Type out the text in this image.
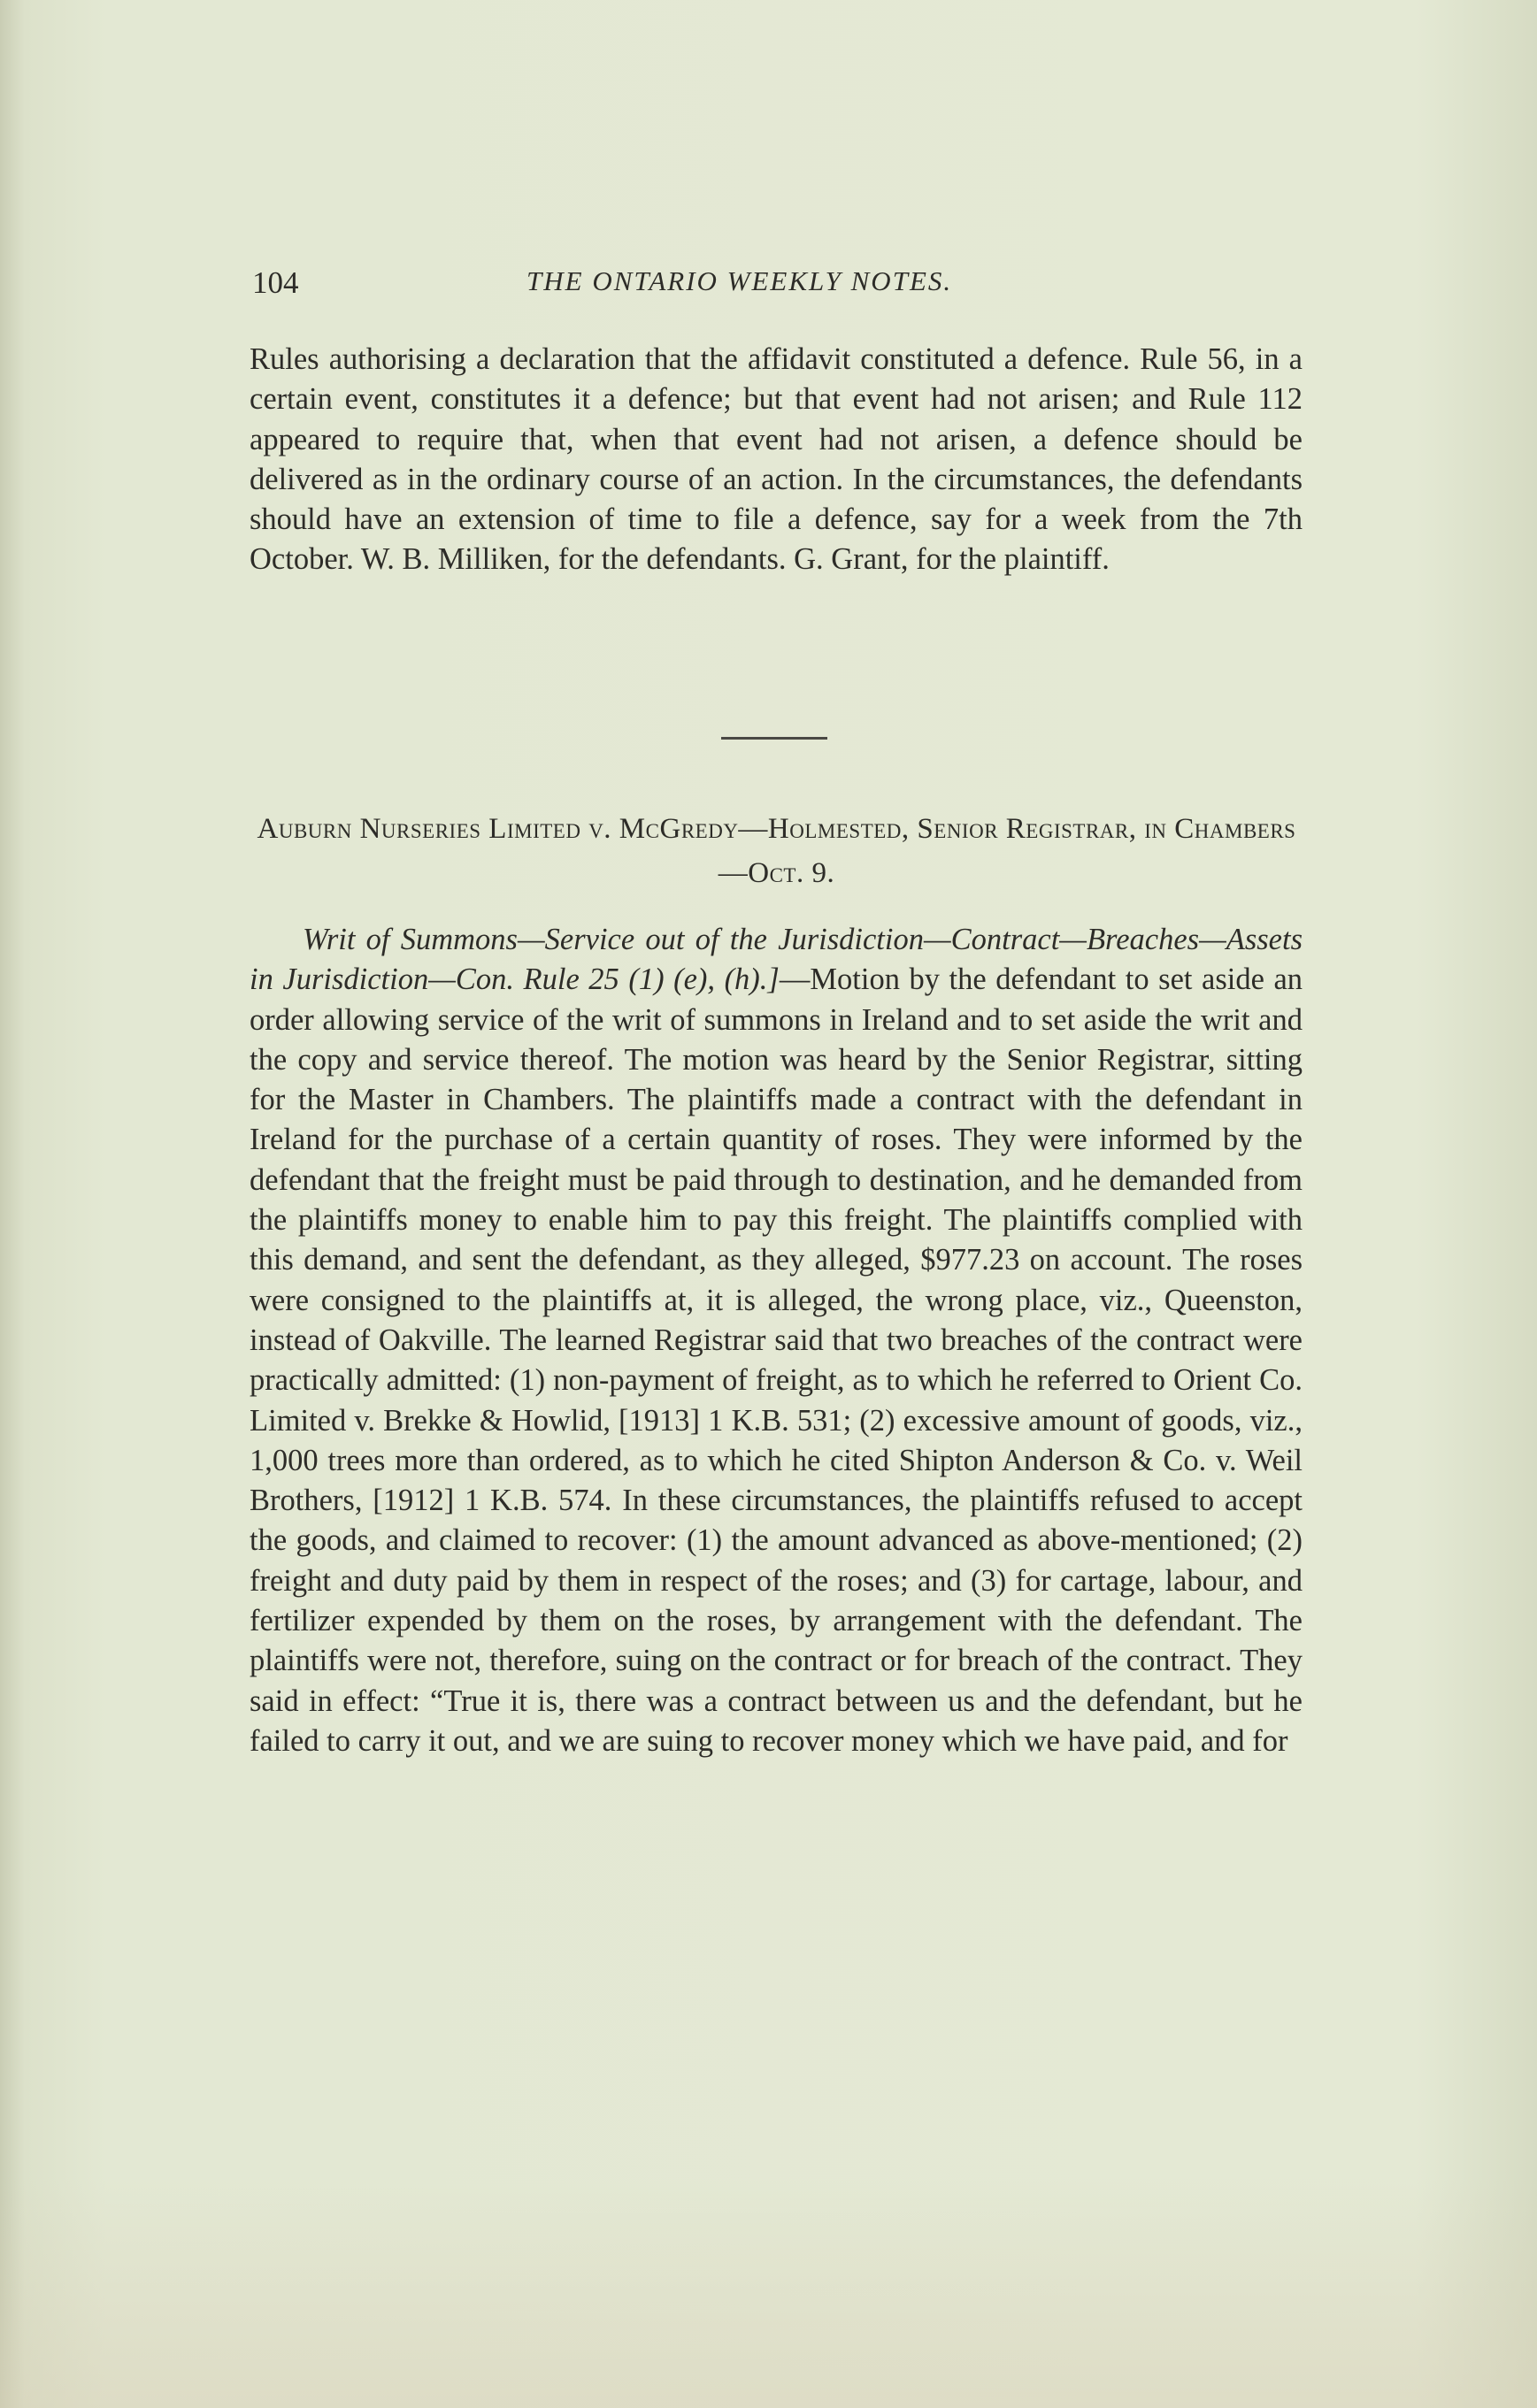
104	THE ONTARIO WEEKLY NOTES.

Rules authorising a declaration that the affidavit constituted a defence. Rule 56, in a certain event, constitutes it a defence; but that event had not arisen; and Rule 112 appeared to require that, when that event had not arisen, a defence should be delivered as in the ordinary course of an action. In the circumstances, the defendants should have an extension of time to file a defence, say for a week from the 7th October. W. B. Milliken, for the defendants. G. Grant, for the plaintiff.

Auburn Nurseries Limited v. McGredy—Holmested, Senior Registrar, in Chambers—Oct. 9.

Writ of Summons—Service out of the Jurisdiction—Contract—Breaches—Assets in Jurisdiction—Con. Rule 25 (1) (e), (h).]—Motion by the defendant to set aside an order allowing service of the writ of summons in Ireland and to set aside the writ and the copy and service thereof. The motion was heard by the Senior Registrar, sitting for the Master in Chambers. The plaintiffs made a contract with the defendant in Ireland for the purchase of a certain quantity of roses. They were informed by the defendant that the freight must be paid through to destination, and he demanded from the plaintiffs money to enable him to pay this freight. The plaintiffs complied with this demand, and sent the defendant, as they alleged, $977.23 on account. The roses were consigned to the plaintiffs at, it is alleged, the wrong place, viz., Queenston, instead of Oakville. The learned Registrar said that two breaches of the contract were practically admitted: (1) non-payment of freight, as to which he referred to Orient Co. Limited v. Brekke & Howlid, [1913] 1 K.B. 531; (2) excessive amount of goods, viz., 1,000 trees more than ordered, as to which he cited Shipton Anderson & Co. v. Weil Brothers, [1912] 1 K.B. 574. In these circumstances, the plaintiffs refused to accept the goods, and claimed to recover: (1) the amount advanced as above-mentioned; (2) freight and duty paid by them in respect of the roses; and (3) for cartage, labour, and fertilizer expended by them on the roses, by arrangement with the defendant. The plaintiffs were not, therefore, suing on the contract or for breach of the contract. They said in effect: “True it is, there was a contract between us and the defendant, but he failed to carry it out, and we are suing to recover money which we have paid, and for
